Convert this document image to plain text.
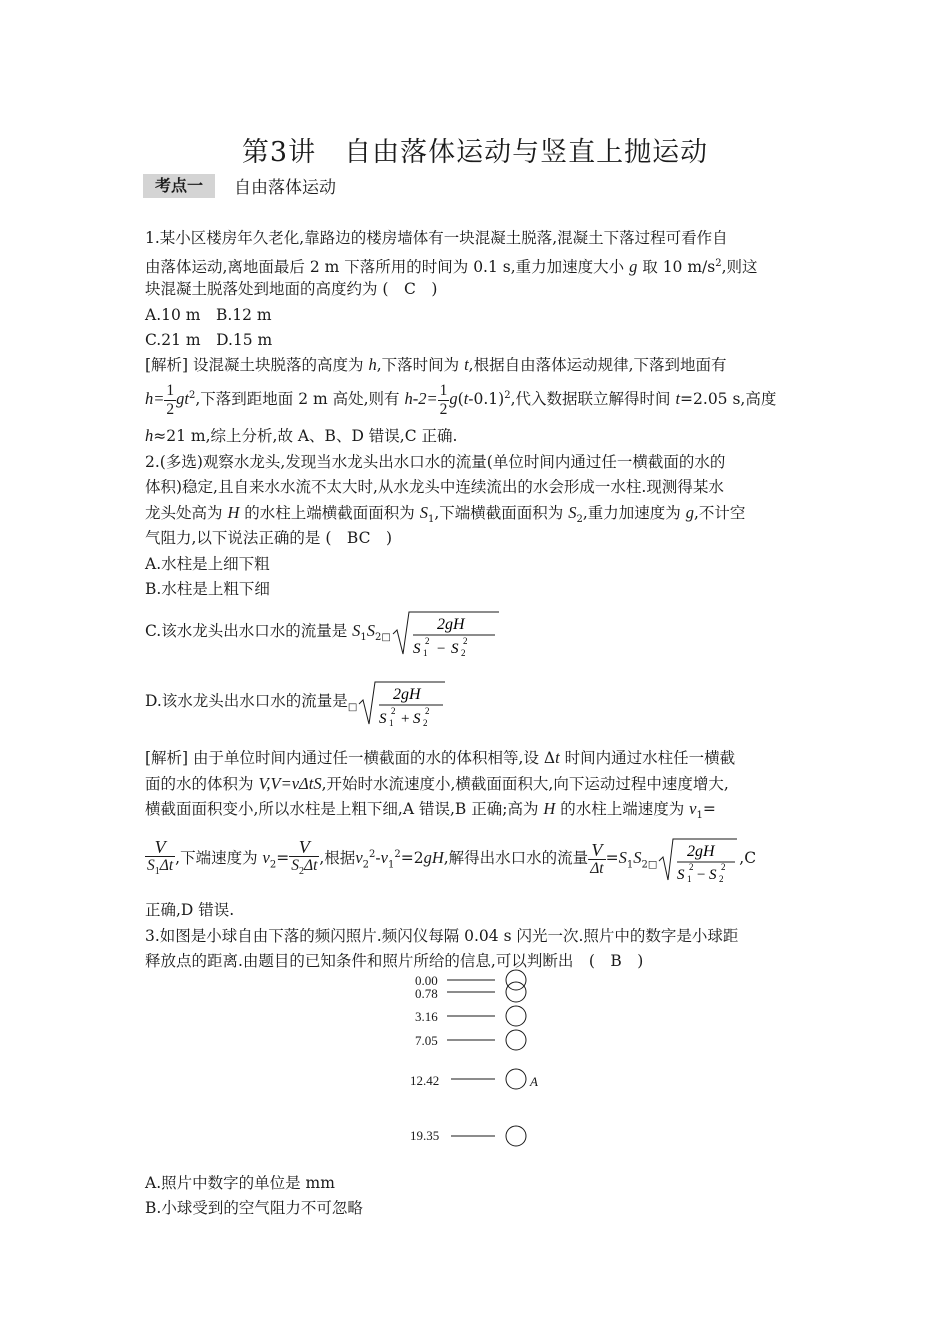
第3讲　自由落体运动与竖直上抛运动
考点一	自由落体运动
1.某小区楼房年久老化,靠路边的楼房墙体有一块混凝土脱落,混凝土下落过程可看作自
由落体运动,离地面最后 2 m 下落所用的时间为 0.1 s,重力加速度大小 g 取 10 $m/s^2$,则这
块混凝土脱落处到地面的高度约为 (　C　)
A.10 m　B.12 m
C.21 m　D.15 m
[解析] 设混凝土块脱落的高度为 h,下落时间为 t,根据自由落体运动规律,下落到地面有
$h= \frac{1}{2} gt^2$,下落到距地面 2 m 高处,则有 $h-2= \frac{1}{2} g(t-0.1)^2$,代入数据联立解得时间 t=2.05 s,高度
h≈21 m,综上分析,故 A、B、D 错误,C 正确.
2.(多选)观察水龙头,发现当水龙头出水口水的流量(单位时间内通过任一横截面的水的
体积)稳定,且自来水水流不太大时,从水龙头中连续流出的水会形成一水柱.现测得某水
龙头处高为 H 的水柱上端横截面面积为 $S_1$,下端横截面面积为 $S_2$,重力加速度为 g,不计空
气阻力,以下说法正确的是 (　BC　)
A.水柱是上细下粗
B.水柱是上粗下细
C.该水龙头出水口水的流量是 $S_1S_{2□}$
2gH
S 1
2 − S 2
2
D.该水龙头出水口水的流量是$_□$
2gH
S 1
2 + S 2
2
[解析] 由于单位时间内通过任一横截面的水的体积相等,设 Δt 时间内通过水柱任一横截
面的水的体积为 V,V=vΔtS,开始时水流速度小,横截面面积大,向下运动过程中速度增大,
横截面面积变小,所以水柱是上粗下细,A 错误,B 正确;高为 H 的水柱上端速度为 $v_1=$
$\frac{V}{S_1\Delta t}$ ,下端速度为 $v_2= \frac{V}{S_2\Delta t}$ ,根据$v_2^2-v_1^2=2gH$,解得出水口水的流量 $\frac{V}{\Delta t} =S_1S_{2□}$
2gH
S 1
2 − S 2
2 ,C
正确,D 错误.
3.如图是小球自由下落的频闪照片.频闪仪每隔 0.04 s 闪光一次.照片中的数字是小球距
释放点的距离.由题目的已知条件和照片所给的信息,可以判断出　(　B　)
0.00
0.78
3.16
7.05
12.42
19.35
A
A.照片中数字的单位是 mm
B.小球受到的空气阻力不可忽略
